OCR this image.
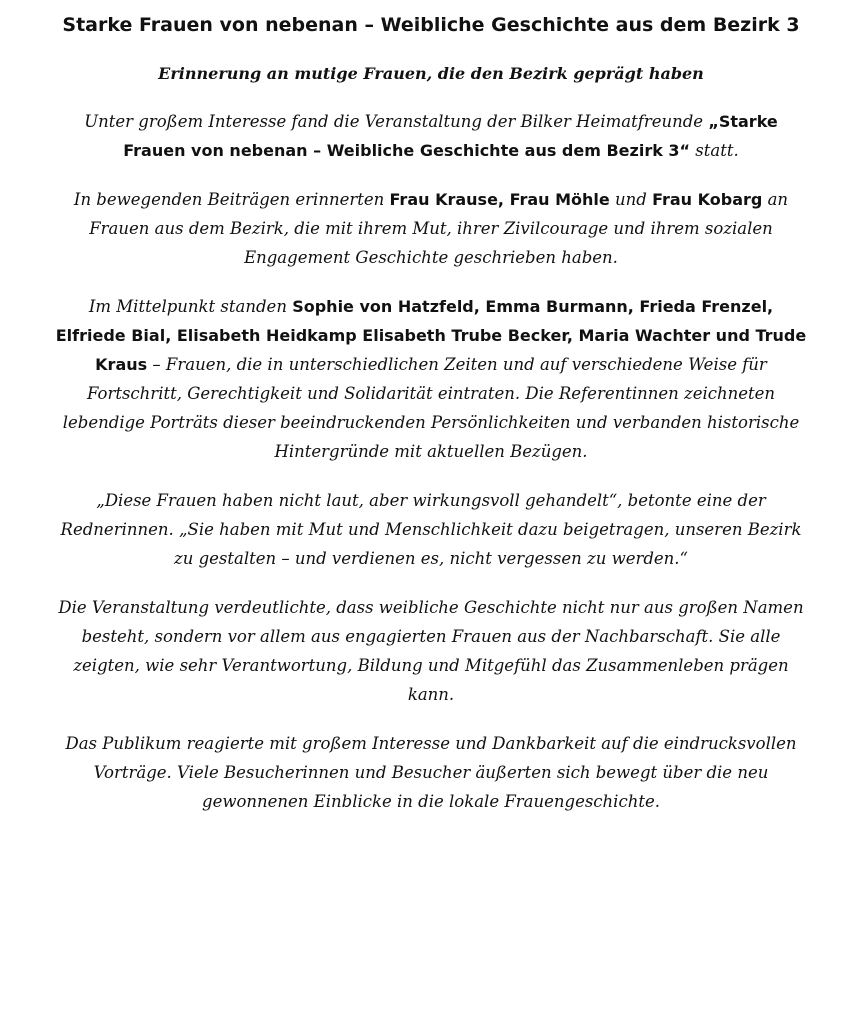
Starke Frauen von nebenan – Weibliche Geschichte aus dem Bezirk 3
Erinnerung an mutige Frauen, die den Bezirk geprägt haben

Unter großem Interesse fand die Veranstaltung der Bilker Heimatfreunde „Starke Frauen von nebenan – Weibliche Geschichte aus dem Bezirk 3“ statt.

In bewegenden Beiträgen erinnerten Frau Krause, Frau Möhle und Frau Kobarg an Frauen aus dem Bezirk, die mit ihrem Mut, ihrer Zivilcourage und ihrem sozialen Engagement Geschichte geschrieben haben.

Im Mittelpunkt standen Sophie von Hatzfeld, Emma Burmann, Frieda Frenzel, Elfriede Bial, Elisabeth Heidkamp Elisabeth Trube Becker, Maria Wachter und Trude Kraus – Frauen, die in unterschiedlichen Zeiten und auf verschiedene Weise für Fortschritt, Gerechtigkeit und Solidarität eintraten. Die Referentinnen zeichneten lebendige Porträts dieser beeindruckenden Persönlichkeiten und verbanden historische Hintergründe mit aktuellen Bezügen.

„Diese Frauen haben nicht laut, aber wirkungsvoll gehandelt“, betonte eine der Rednerinnen. „Sie haben mit Mut und Menschlichkeit dazu beigetragen, unseren Bezirk zu gestalten – und verdienen es, nicht vergessen zu werden.“

Die Veranstaltung verdeutlichte, dass weibliche Geschichte nicht nur aus großen Namen besteht, sondern vor allem aus engagierten Frauen aus der Nachbarschaft. Sie alle zeigten, wie sehr Verantwortung, Bildung und Mitgefühl das Zusammenleben prägen kann.

Das Publikum reagierte mit großem Interesse und Dankbarkeit auf die eindrucksvollen Vorträge. Viele Besucherinnen und Besucher äußerten sich bewegt über die neu gewonnenen Einblicke in die lokale Frauengeschichte.
